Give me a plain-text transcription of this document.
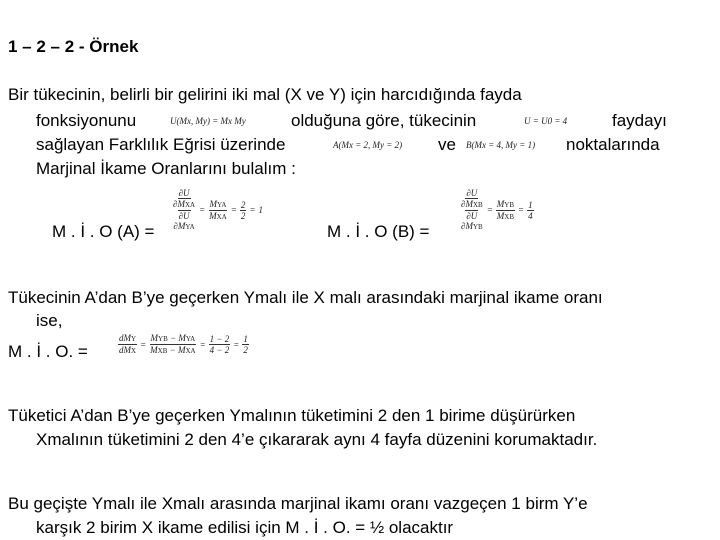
1 – 2 – 2 - Örnek
Bir tükecinin, belirli bir gelirini iki mal (X ve Y) için harcıdığında fayda
fonksiyonunu	U(Mx, My) = Mx My	olduğuna göre, tükecinin	U = U0 = 4	faydayı
sağlayan Farklılık Eğrisi üzerinde	A(Mx = 2, My = 2) ve B(Mx = 4, My = 1) noktalarında
Marjinal İkame Oranlarını bulalım :
M . İ . O (A) =
∂U
∂MXA
∂U
∂MYA
= $\frac{\text{MYA}}{\text{MXA}} = \frac{2}{2} = 1$
M . İ . O (B) =
∂U
∂MXB
∂U
∂MYB
= $\frac{\text{MYB}}{\text{MXB}} = \frac{1}{4}$
Tükecinin A’dan B’ye geçerken Ymalı ile X malı arasındaki marjinal ikame oranı
ise,
M . İ . O. =	$\frac{\text{dMY}}{\text{dMX}} = \frac{\text{MYB − MYA}}{\text{MXB − MXA}} = \frac{1 - 2}{4 - 2} = \frac{1}{2}$
Tüketici A’dan B’ye geçerken Ymalının tüketimini 2 den 1 birime düşürürken
Xmalının tüketimini 2 den 4’e çıkararak aynı 4 fayfa düzenini korumaktadır.
Bu geçişte Ymalı ile Xmalı arasında marjinal ikamı oranı vazgeçen 1 birm Y’e
karşık 2 birim X ikame edilisi için M . İ . O. = ½ olacaktır
